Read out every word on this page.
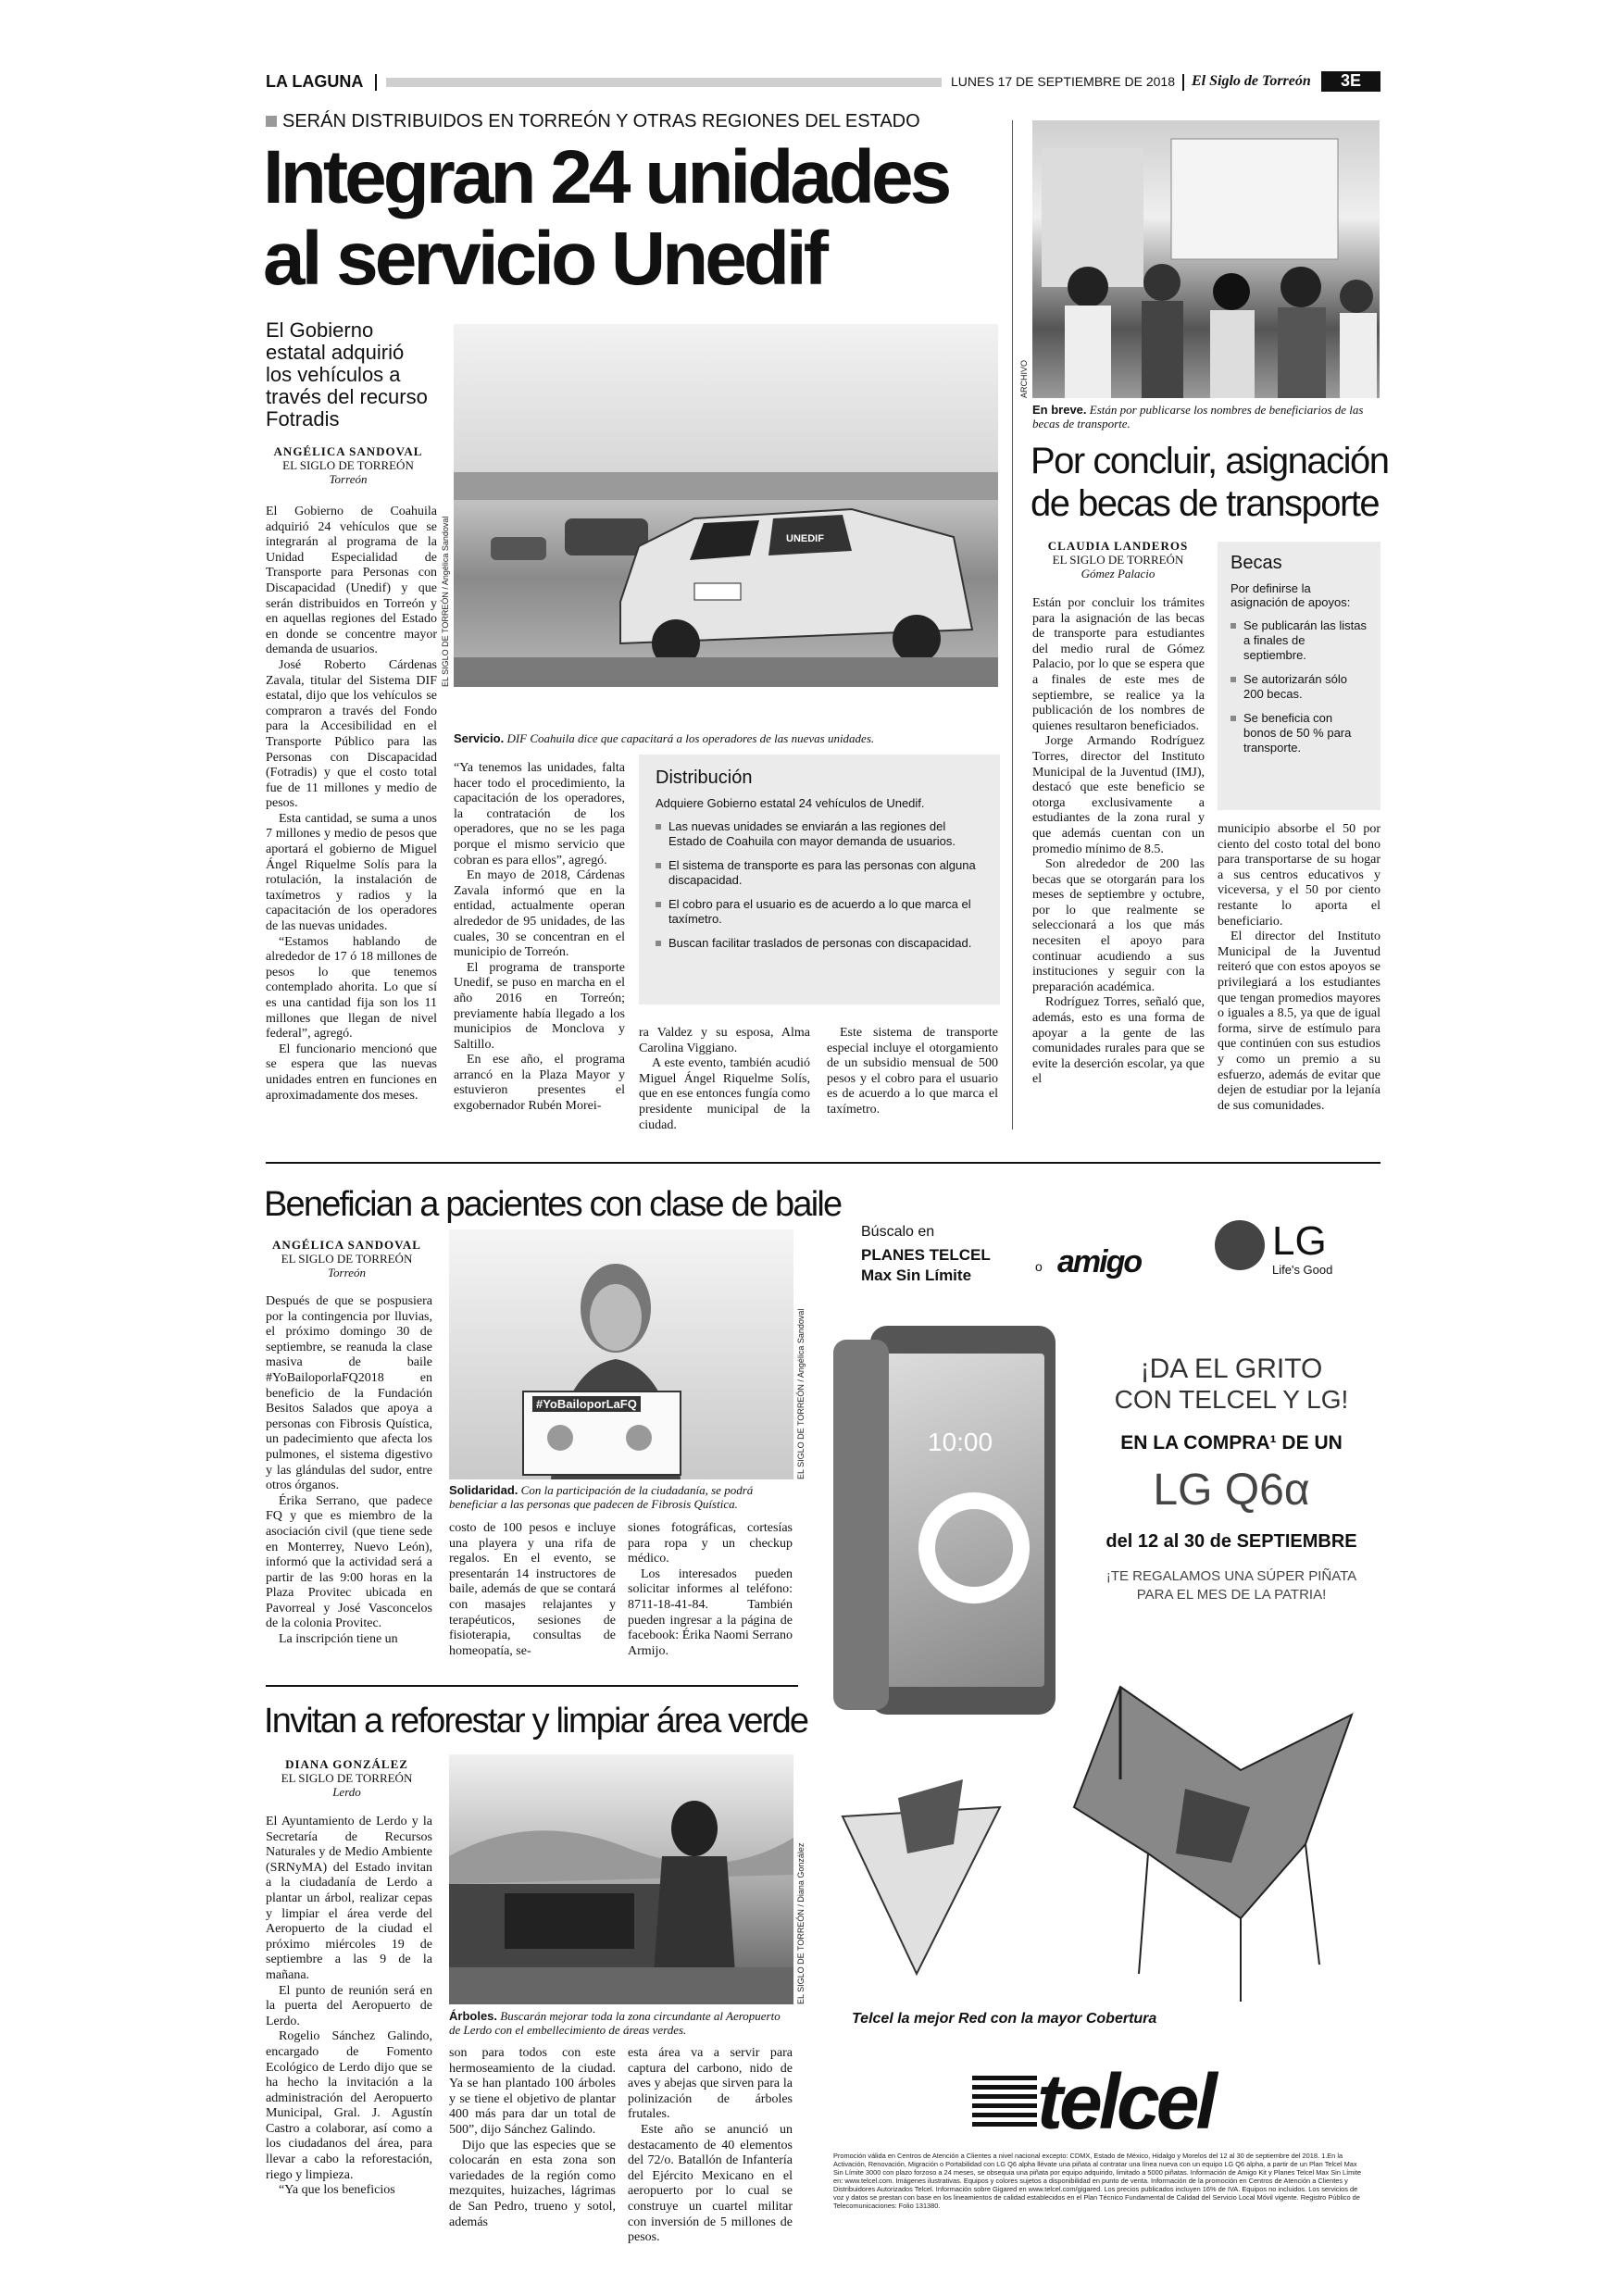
LA LAGUNA	LUNES 17 DE SEPTIEMBRE DE 2018 El Siglo de Torreón	3E
SERÁN DISTRIBUIDOS EN TORREÓN Y OTRAS REGIONES DEL ESTADO
Integran 24 unidades
al servicio Unedif
El Gobierno estatal adquirió los vehículos a través del recurso Fotradis
ANGÉLICA SANDOVAL
EL SIGLO DE TORREÓN
Torreón
UNEDIF
EL SIGLO DE TORREÓN / Angélica Sandoval
Servicio. DIF Coahuila dice que capacitará a los operadores de las nuevas unidades.

El Gobierno de Coahuila adquirió 24 vehículos que se integrarán al programa de la Unidad Especialidad de Transporte para Personas con Discapacidad (Unedif) y que serán distribuidos en Torreón y en aquellas regiones del Estado en donde se concentre mayor demanda de usuarios.

José Roberto Cárdenas Zavala, titular del Sistema DIF estatal, dijo que los vehículos se compraron a través del Fondo para la Accesibilidad en el Transporte Público para las Personas con Discapacidad (Fotradis) y que el costo total fue de 11 millones y medio de pesos.

Esta cantidad, se suma a unos 7 millones y medio de pesos que aportará el gobierno de Miguel Ángel Riquelme Solís para la rotulación, la instalación de taxímetros y radios y la capacitación de los operadores de las nuevas unidades.

“Estamos hablando de alrededor de 17 ó 18 millones de pesos lo que tenemos contemplado ahorita. Lo que sí es una cantidad fija son los 11 millones que llegan de nivel federal”, agregó.

El funcionario mencionó que se espera que las nuevas unidades entren en funciones en aproximadamente dos meses.

“Ya tenemos las unidades, falta hacer todo el procedimiento, la capacitación de los operadores, la contratación de los operadores, que no se les paga porque el mismo servicio que cobran es para ellos”, agregó.

En mayo de 2018, Cárdenas Zavala informó que en la entidad, actualmente operan alrededor de 95 unidades, de las cuales, 30 se concentran en el municipio de Torreón.

El programa de transporte Unedif, se puso en marcha en el año 2016 en Torreón; previamente había llegado a los municipios de Monclova y Saltillo.

En ese año, el programa arrancó en la Plaza Mayor y estuvieron presentes el exgobernador Rubén Morei-

Distribución
Adquiere Gobierno estatal 24 vehículos de Unedif.
Las nuevas unidades se enviarán a las regiones del Estado de Coahuila con mayor demanda de usuarios.
El sistema de transporte es para las personas con alguna discapacidad.
El cobro para el usuario es de acuerdo a lo que marca el taxímetro.
Buscan facilitar traslados de personas con discapacidad.

ra Valdez y su esposa, Alma Carolina Viggiano.

A este evento, también acudió Miguel Ángel Riquelme Solís, que en ese entonces fungía como presidente municipal de la ciudad.

Este sistema de transporte especial incluye el otorgamiento de un subsidio mensual de 500 pesos y el cobro para el usuario es de acuerdo a lo que marca el taxímetro.

ARCHIVO
En breve. Están por publicarse los nombres de beneficiarios de las becas de transporte.
Por concluir, asignación
de becas de transporte
CLAUDIA LANDEROS
EL SIGLO DE TORREÓN
Gómez Palacio

Están por concluir los trámites para la asignación de las becas de transporte para estudiantes del medio rural de Gómez Palacio, por lo que se espera que a finales de este mes de septiembre, se realice ya la publicación de los nombres de quienes resultaron beneficiados.

Jorge Armando Rodríguez Torres, director del Instituto Municipal de la Juventud (IMJ), destacó que este beneficio se otorga exclusivamente a estudiantes de la zona rural y que además cuentan con un promedio mínimo de 8.5.

Son alrededor de 200 las becas que se otorgarán para los meses de septiembre y octubre, por lo que realmente se seleccionará a los que más necesiten el apoyo para continuar acudiendo a sus instituciones y seguir con la preparación académica.

Rodríguez Torres, señaló que, además, esto es una forma de apoyar a la gente de las comunidades rurales para que se evite la deserción escolar, ya que el

Becas
Por definirse la asignación de apoyos:
Se publicarán las listas a finales de septiembre.
Se autorizarán sólo 200 becas.
Se beneficia con bonos de 50 % para transporte.

municipio absorbe el 50 por ciento del costo total del bono para transportarse de su hogar a sus centros educativos y viceversa, y el 50 por ciento restante lo aporta el beneficiario.

El director del Instituto Municipal de la Juventud reiteró que con estos apoyos se privilegiará a los estudiantes que tengan promedios mayores o iguales a 8.5, ya que de igual forma, sirve de estímulo para que continúen con sus estudios y como un premio a su esfuerzo, además de evitar que dejen de estudiar por la lejanía de sus comunidades.

Benefician a pacientes con clase de baile
ANGÉLICA SANDOVAL
EL SIGLO DE TORREÓN
Torreón

Después de que se pospusiera por la contingencia por lluvias, el próximo domingo 30 de septiembre, se reanuda la clase masiva de baile #YoBailoporlaFQ2018 en beneficio de la Fundación Besitos Salados que apoya a personas con Fibrosis Quística, un padecimiento que afecta los pulmones, el sistema digestivo y las glándulas del sudor, entre otros órganos.

Érika Serrano, que padece FQ y que es miembro de la asociación civil (que tiene sede en Monterrey, Nuevo León), informó que la actividad será a partir de las 9:00 horas en la Plaza Provitec ubicada en Pavorreal y José Vasconcelos de la colonia Provitec.

La inscripción tiene un

#YoBailoporLaFQ	EL SIGLO DE TORREÓN / Angélica Sandoval
Solidaridad. Con la participación de la ciudadanía, se podrá beneficiar a las personas que padecen de Fibrosis Quística.

costo de 100 pesos e incluye una playera y una rifa de regalos. En el evento, se presentarán 14 instructores de baile, además de que se contará con masajes relajantes y terapéuticos, sesiones de fisioterapia, consultas de homeopatía, se-

siones fotográficas, cortesías para ropa y un checkup médico.

Los interesados pueden solicitar informes al teléfono: 8711-18-41-84. También pueden ingresar a la página de facebook: Érika Naomi Serrano Armijo.

Invitan a reforestar y limpiar área verde
DIANA GONZÁLEZ
EL SIGLO DE TORREÓN
Lerdo

El Ayuntamiento de Lerdo y la Secretaría de Recursos Naturales y de Medio Ambiente (SRNyMA) del Estado invitan a la ciudadanía de Lerdo a plantar un árbol, realizar cepas y limpiar el área verde del Aeropuerto de la ciudad el próximo miércoles 19 de septiembre a las 9 de la mañana.

El punto de reunión será en la puerta del Aeropuerto de Lerdo.

Rogelio Sánchez Galindo, encargado de Fomento Ecológico de Lerdo dijo que se ha hecho la invitación a la administración del Aeropuerto Municipal, Gral. J. Agustín Castro a colaborar, así como a los ciudadanos del área, para llevar a cabo la reforestación, riego y limpieza.

“Ya que los beneficios

EL SIGLO DE TORREÓN / Diana González
Árboles. Buscarán mejorar toda la zona circundante al Aeropuerto de Lerdo con el embellecimiento de áreas verdes.

son para todos con este hermoseamiento de la ciudad. Ya se han plantado 100 árboles y se tiene el objetivo de plantar 400 más para dar un total de 500”, dijo Sánchez Galindo.

Dijo que las especies que se colocarán en esta zona son variedades de la región como mezquites, huizaches, lágrimas de San Pedro, trueno y sotol, además

esta área va a servir para captura del carbono, nido de aves y abejas que sirven para la polinización de árboles frutales.

Este año se anunció un destacamento de 40 elementos del 72/o. Batallón de Infantería del Ejército Mexicano en el aeropuerto por lo cual se construye un cuartel militar con inversión de 5 millones de pesos.

Búscalo en
PLANES TELCEL
Max Sin Límite	o amigo	LG
Life's Good
10:00
¡DA EL GRITO
CON TELCEL Y LG!
EN LA COMPRA¹ DE UN
LG Q6α
del 12 al 30 de SEPTIEMBRE
¡TE REGALAMOS UNA SÚPER PIÑATA
PARA EL MES DE LA PATRIA!
Telcel la mejor Red con la mayor Cobertura
telcel
Promoción válida en Centros de Atención a Clientes a nivel nacional excepto: CDMX, Estado de México, Hidalgo y Morelos del 12 al 30 de septiembre del 2018. 1.En la Activación, Renovación, Migración o Portabilidad con LG Q6 alpha llévate una piñata al contratar una línea nueva con un equipo LG Q6 alpha, a partir de un Plan Telcel Max Sin Límite 3000 con plazo forzoso a 24 meses, se obsequia una piñata por equipo adquirido, limitado a 5000 piñatas. Información de Amigo Kit y Planes Telcel Max Sin Límite en: www.telcel.com. Imágenes ilustrativas. Equipos y colores sujetos a disponibilidad en punto de venta. Información de la promoción en Centros de Atención a Clientes y Distribuidores Autorizados Telcel. Información sobre Gigared en www.telcel.com/gigared. Los precios publicados incluyen 16% de IVA. Equipos no incluidos. Los servicios de voz y datos se prestan con base en los lineamientos de calidad establecidos en el Plan Técnico Fundamental de Calidad del Servicio Local Móvil vigente. Registro Público de Telecomunicaciones: Folio 131380.
